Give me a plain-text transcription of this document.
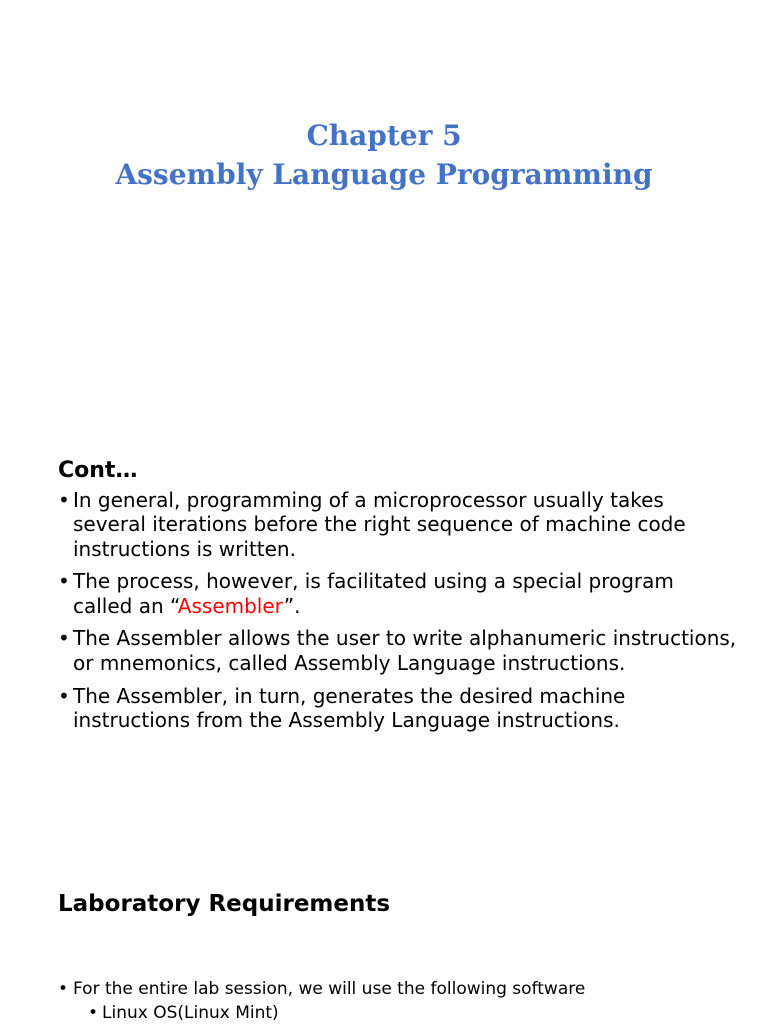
Chapter 5
Assembly Language Programming
Cont…
• In general, programming of a microprocessor usually takes several iterations before the right sequence of machine code instructions is written.
• The process, however, is facilitated using a special program called an “Assembler”.
• The Assembler allows the user to write alphanumeric instructions, or mnemonics, called Assembly Language instructions.
• The Assembler, in turn, generates the desired machine instructions from the Assembly Language instructions.
Laboratory Requirements
• For the entire lab session, we will use the following software
• Linux OS(Linux Mint)
